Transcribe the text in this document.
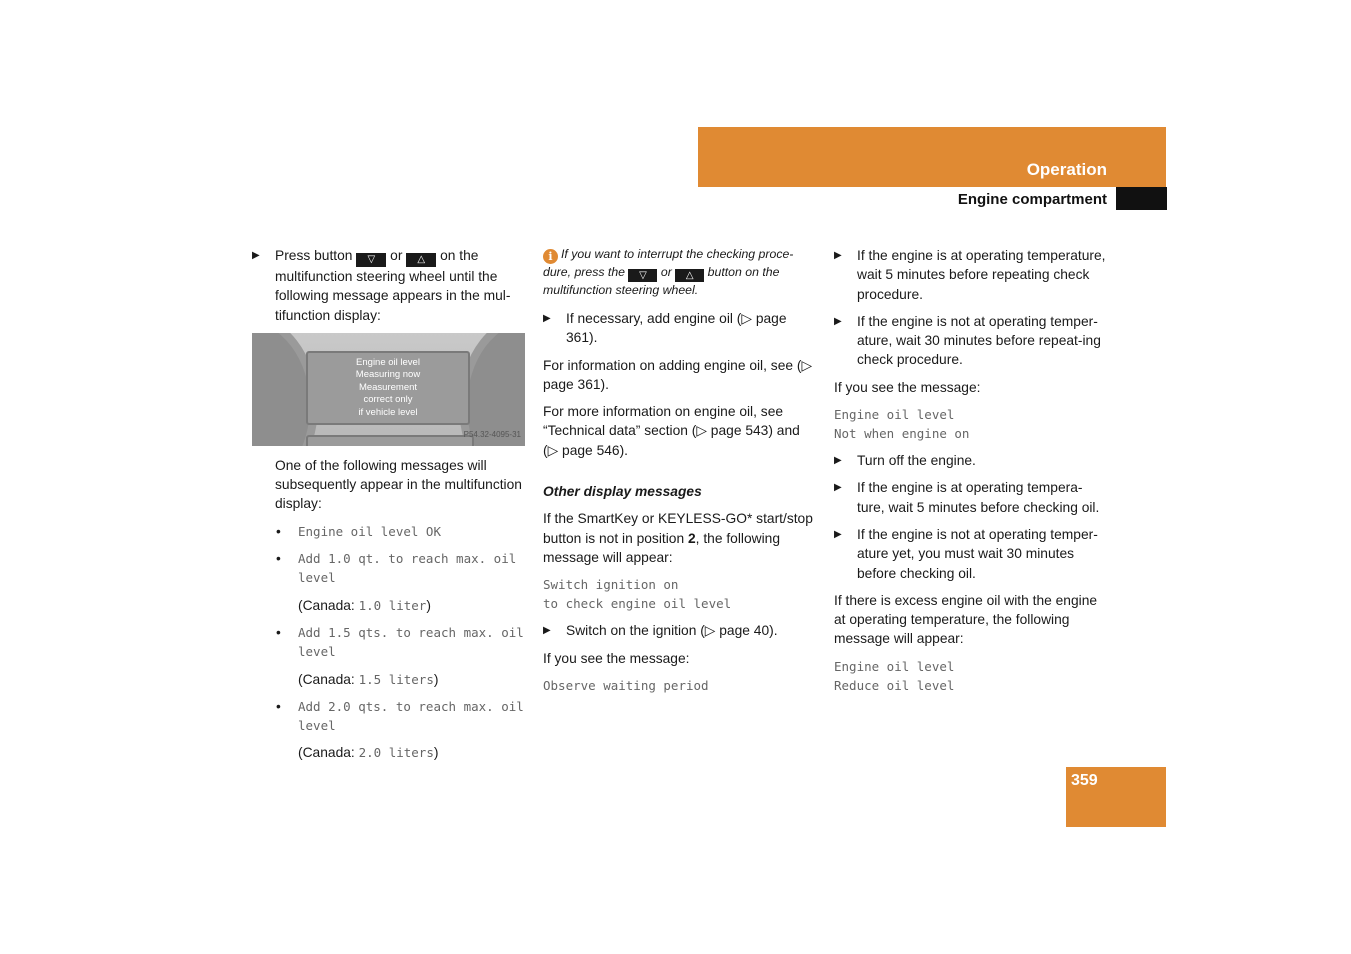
Operation
Engine compartment
359
▶ Press button ▽ or △ on the multifunction steering wheel until the following message appears in the mul-tifunction display:
Engine oil level
Measuring now
Measurement
correct only
if vehicle level
P54.32-4095-31
One of the following messages will subsequently appear in the multifunction display:
• Engine oil level OK
• Add 1.0 qt. to reach max. oil level
(Canada: 1.0 liter)
• Add 1.5 qts. to reach max. oil level
(Canada: 1.5 liters)
• Add 2.0 qts. to reach max. oil level
(Canada: 2.0 liters)
i If you want to interrupt the checking proce-dure, press the ▽ or △ button on the multifunction steering wheel.
▶ If necessary, add engine oil (▷ page 361).
For information on adding engine oil, see (▷ page 361).
For more information on engine oil, see “Technical data” section (▷ page 543) and (▷ page 546).
Other display messages
If the SmartKey or KEYLESS-GO* start/stop button is not in position 2, the following message will appear:
Switch ignition on
to check engine oil level
▶ Switch on the ignition (▷ page 40).
If you see the message:
Observe waiting period
▶ If the engine is at operating temperature, wait 5 minutes before repeating check procedure.
▶ If the engine is not at operating temper-ature, wait 30 minutes before repeat-ing check procedure.
If you see the message:
Engine oil level
Not when engine on
▶ Turn off the engine.
▶ If the engine is at operating tempera-ture, wait 5 minutes before checking oil.
▶ If the engine is not at operating temper-ature yet, you must wait 30 minutes before checking oil.
If there is excess engine oil with the engine at operating temperature, the following message will appear:
Engine oil level
Reduce oil level
